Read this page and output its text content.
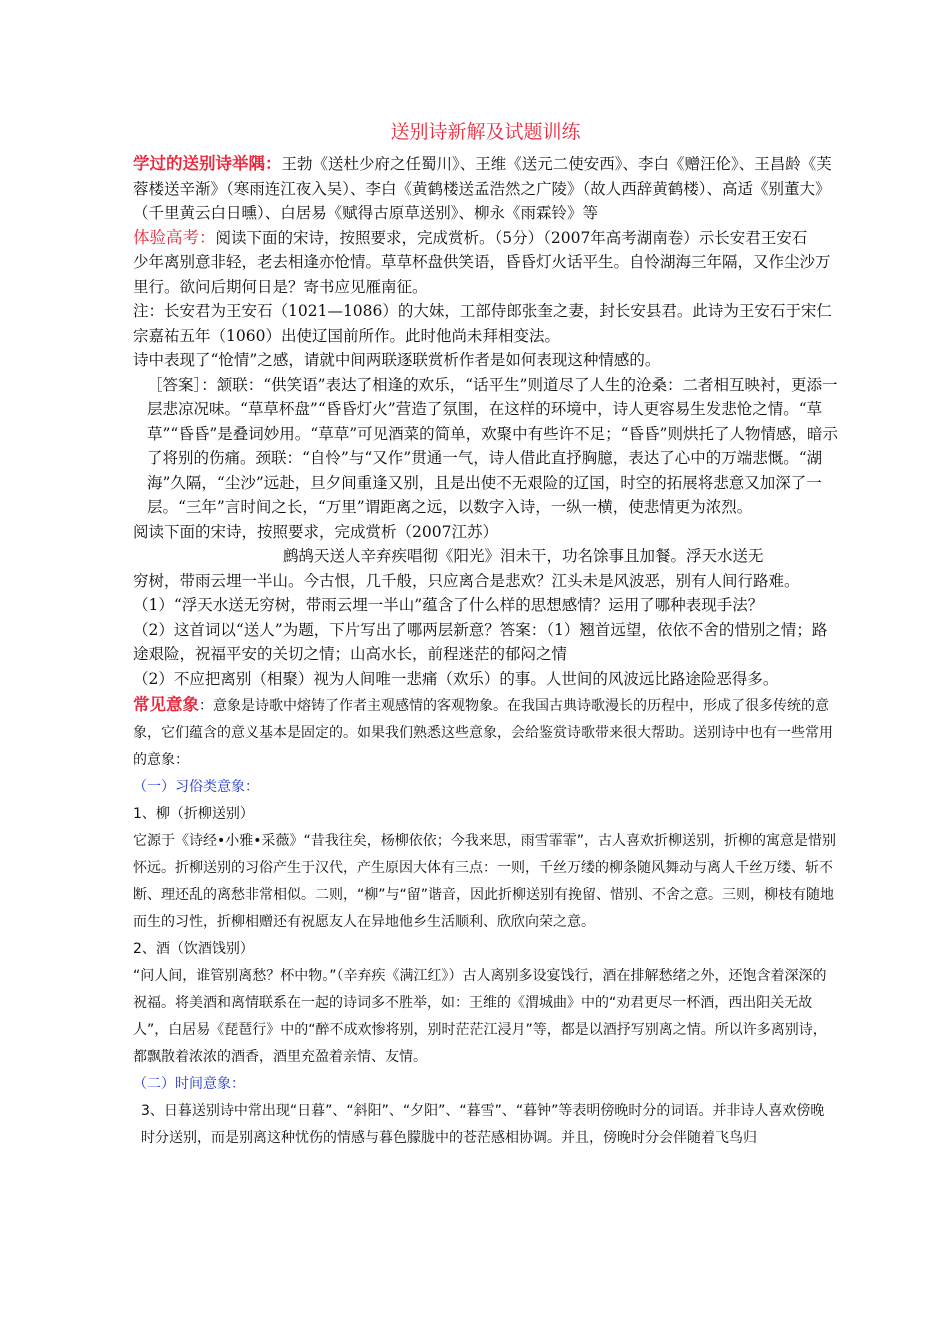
送别诗新解及试题训练

学过的送别诗举隅：王勃《送杜少府之任蜀川》、王维《送元二使安西》、李白《赠汪伦》、王昌龄《芙蓉楼送辛渐》（寒雨连江夜入吴）、李白《黄鹤楼送孟浩然之广陵》（故人西辞黄鹤楼）、高适《别董大》（千里黄云白日曛）、白居易《赋得古原草送别》、柳永《雨霖铃》等

体验高考：阅读下面的宋诗，按照要求，完成赏析。（5分）（2007年高考湖南卷）示长安君王安石

少年离别意非轻，老去相逢亦怆情。草草杯盘供笑语，昏昏灯火话平生。自怜湖海三年隔，又作尘沙万里行。欲问后期何日是？寄书应见雁南征。

注：长安君为王安石（1021—1086）的大妹，工部侍郎张奎之妻，封长安县君。此诗为王安石于宋仁宗嘉祐五年（1060）出使辽国前所作。此时他尚未拜相变法。

诗中表现了“怆情”之感，请就中间两联逐联赏析作者是如何表现这种情感的。

［答案］：颔联：“供笑语”表达了相逢的欢乐，“话平生”则道尽了人生的沧桑：二者相互映衬，更添一层悲凉况味。“草草杯盘”“昏昏灯火”营造了氛围，在这样的环境中，诗人更容易生发悲怆之情。“草草”“昏昏”是叠词妙用。“草草”可见酒菜的简单，欢聚中有些许不足；“昏昏”则烘托了人物情感，暗示了将别的伤痛。颈联：“自怜”与“又作”贯通一气，诗人借此直抒胸臆，表达了心中的万端悲慨。“湖海”久隔，“尘沙”远赴，旦夕间重逢又别，且是出使不无艰险的辽国，时空的拓展将悲意又加深了一层。“三年”言时间之长，“万里”谓距离之远，以数字入诗，一纵一横，使悲情更为浓烈。

阅读下面的宋诗，按照要求，完成赏析（2007江苏）

鹧鸪天送人辛弃疾唱彻《阳光》泪未干，功名馀事且加餐。浮天水送无

穷树，带雨云埋一半山。今古恨，几千般，只应离合是悲欢？江头未是风波恶，别有人间行路难。

（1）“浮天水送无穷树，带雨云埋一半山”蕴含了什么样的思想感情？运用了哪种表现手法？

（2）这首词以“送人”为题，下片写出了哪两层新意？答案：（1）翘首远望，依依不舍的惜别之情；路途艰险，祝福平安的关切之情；山高水长，前程迷茫的郁闷之情

（2）不应把离别（相聚）视为人间唯一悲痛（欢乐）的事。人世间的风波远比路途险恶得多。

常见意象：意象是诗歌中熔铸了作者主观感情的客观物象。在我国古典诗歌漫长的历程中，形成了很多传统的意象，它们蕴含的意义基本是固定的。如果我们熟悉这些意象，会给鉴赏诗歌带来很大帮助。送别诗中也有一些常用的意象：

（一）习俗类意象：

1、柳（折柳送别）

它源于《诗经•小雅•采薇》“昔我往矣，杨柳依依；今我来思，雨雪霏霏”，古人喜欢折柳送别，折柳的寓意是惜别怀远。折柳送别的习俗产生于汉代，产生原因大体有三点：一则，千丝万缕的柳条随风舞动与离人千丝万缕、斩不断、理还乱的离愁非常相似。二则，“柳”与“留”谐音，因此折柳送别有挽留、惜别、不舍之意。三则，柳枝有随地而生的习性，折柳相赠还有祝愿友人在异地他乡生活顺利、欣欣向荣之意。

2、酒（饮酒饯别）

“问人间，谁管别离愁？杯中物。”（辛弃疾《满江红》）古人离别多设宴饯行，酒在排解愁绪之外，还饱含着深深的祝福。将美酒和离情联系在一起的诗词多不胜举，如：王维的《渭城曲》中的“劝君更尽一杯酒，西出阳关无故人”，白居易《琵琶行》中的“醉不成欢惨将别，别时茫茫江浸月”等，都是以酒抒写别离之情。所以许多离别诗，都飘散着浓浓的酒香，酒里充盈着亲情、友情。

（二）时间意象：

3、日暮送别诗中常出现“日暮”、“斜阳”、“夕阳”、“暮雪”、“暮钟”等表明傍晚时分的词语。并非诗人喜欢傍晚时分送别，而是别离这种忧伤的情感与暮色朦胧中的苍茫感相协调。并且，傍晚时分会伴随着飞鸟归
